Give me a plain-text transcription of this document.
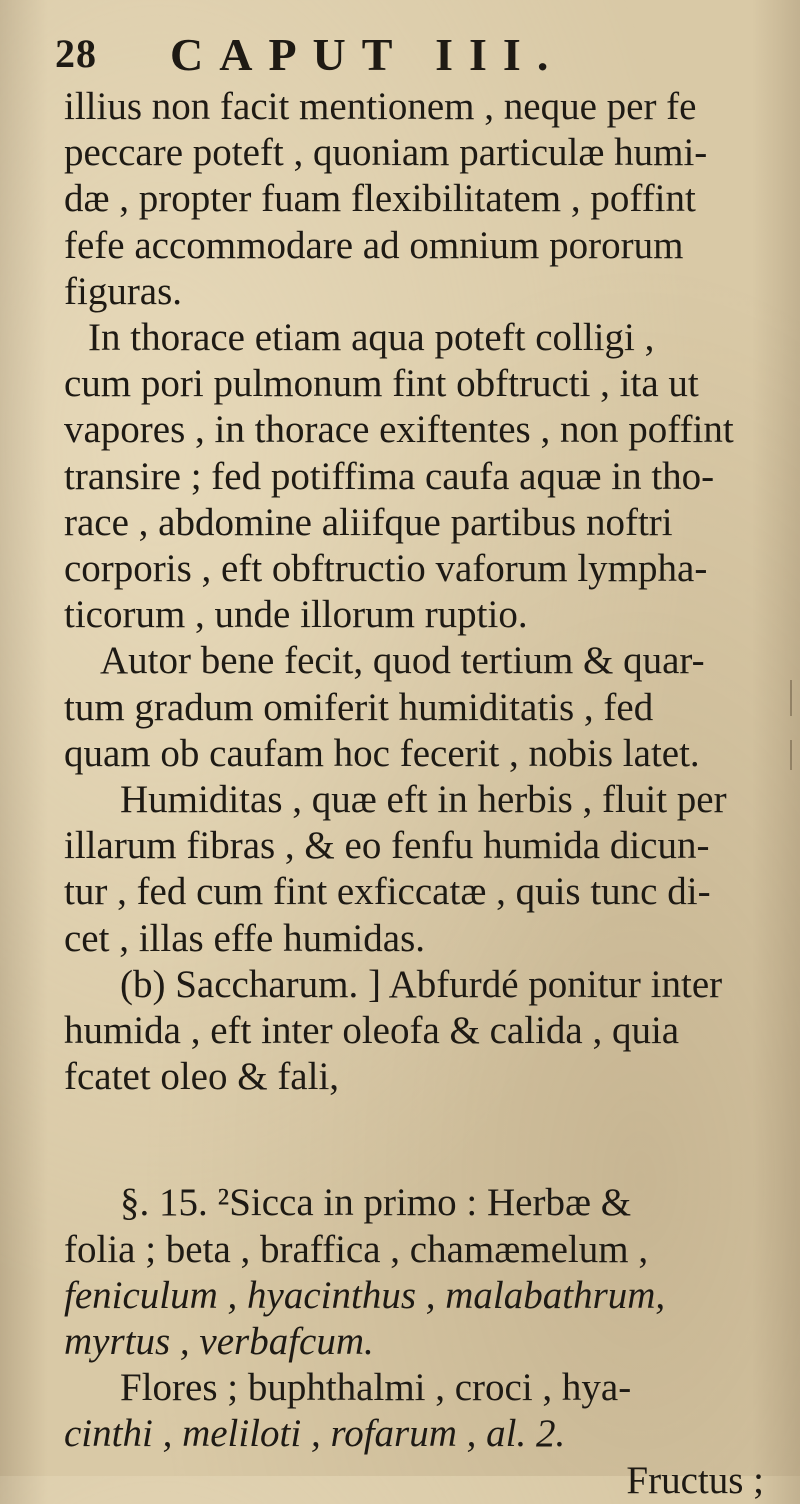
28 CAPUT III.
illius non facit mentionem , neque per fe
peccare poteft , quoniam particulæ humi-
dæ , propter fuam flexibilitatem , poffint
fefe accommodare ad omnium pororum
figuras.
In thorace etiam aqua poteft colligi ,
cum pori pulmonum fint obftructi , ita ut
vapores , in thorace exiftentes , non poffint
transire ; fed potiffima caufa aquæ in tho-
race , abdomine aliifque partibus noftri
corporis , eft obftructio vaforum lympha-
ticorum , unde illorum ruptio.
Autor bene fecit, quod tertium & quar-
tum gradum omiferit humiditatis , fed
quam ob caufam hoc fecerit , nobis latet.
Humiditas , quæ eft in herbis , fluit per
illarum fibras , & eo fenfu humida dicun-
tur , fed cum fint exficcatæ , quis tunc di-
cet , illas effe humidas.
(b) Saccharum. ] Abfurdé ponitur inter
humida , eft inter oleofa & calida , quia
fcatet oleo & fali,
§. 15. ²Sicca in primo : Herbæ &
folia ; beta , braffica , chamæmelum ,
feniculum , hyacinthus , malabathrum,
myrtus , verbafcum.
Flores ; buphthalmi , croci , hya-
cinthi , meliloti , rofarum , al. 2.
Fructus ;
